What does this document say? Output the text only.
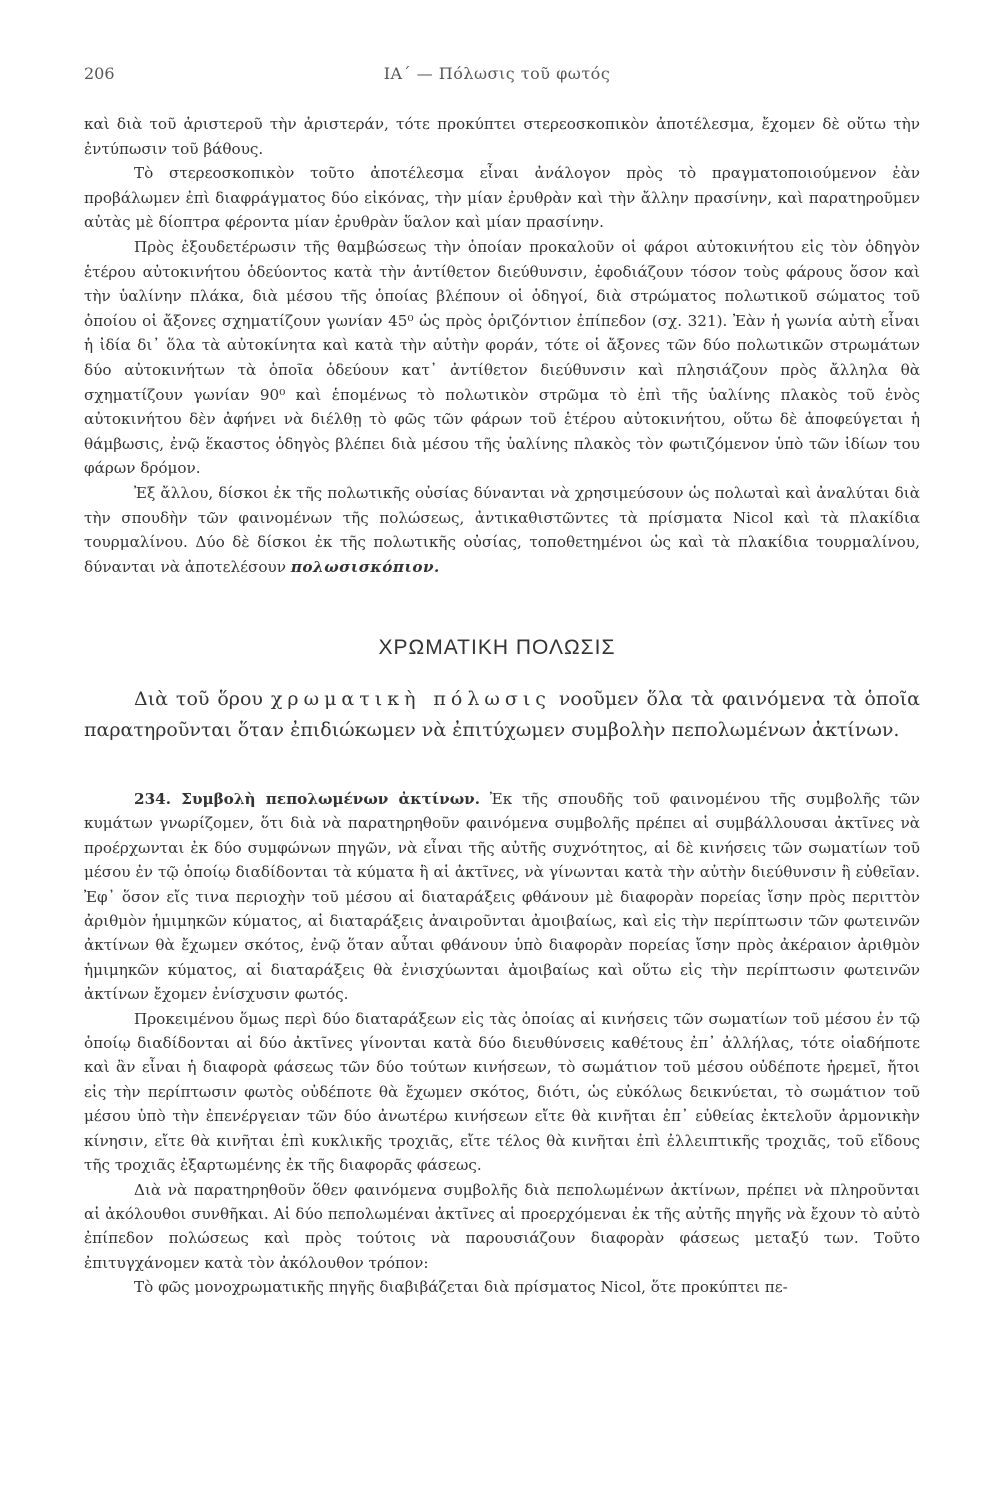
206	ΙΑ΄ — Πόλωσις τοῦ φωτός

καὶ διὰ τοῦ ἀριστεροῦ τὴν ἀριστεράν, τότε προκύπτει στερεοσκοπικὸν ἀποτέλεσμα, ἔχομεν δὲ οὕτω τὴν ἐντύπωσιν τοῦ βάθους.

Τὸ στερεοσκοπικὸν τοῦτο ἀποτέλεσμα εἶναι ἀνάλογον πρὸς τὸ πραγματοποιούμενον ἐὰν προβάλωμεν ἐπὶ διαφράγματος δύο εἰκόνας, τὴν μίαν ἐρυθρὰν καὶ τὴν ἄλλην πρασίνην, καὶ παρατηροῦμεν αὐτὰς μὲ δίοπτρα φέροντα μίαν ἐρυθρὰν ὕαλον καὶ μίαν πρασίνην.

Πρὸς ἐξουδετέρωσιν τῆς θαμβώσεως τὴν ὁποίαν προκαλοῦν οἱ φάροι αὐτοκινήτου εἰς τὸν ὁδηγὸν ἑτέρου αὐτοκινήτου ὁδεύοντος κατὰ τὴν ἀντίθετον διεύθυνσιν, ἐφοδιάζουν τόσον τοὺς φάρους ὅσον καὶ τὴν ὑαλίνην πλάκα, διὰ μέσου τῆς ὁποίας βλέπουν οἱ ὁδηγοί, διὰ στρώματος πολωτικοῦ σώματος τοῦ ὁποίου οἱ ἄξονες σχηματίζουν γωνίαν 45⁰ ὡς πρὸς ὁριζόντιον ἐπίπεδον (σχ. 321). Ἐὰν ἡ γωνία αὐτὴ εἶναι ἡ ἰδία δι᾽ ὅλα τὰ αὐτοκίνητα καὶ κατὰ τὴν αὐτὴν φοράν, τότε οἱ ἄξονες τῶν δύο πολωτικῶν στρωμάτων δύο αὐτοκινήτων τὰ ὁποῖα ὁδεύουν κατ᾽ ἀντίθετον διεύθυνσιν καὶ πλησιάζουν πρὸς ἄλληλα θὰ σχηματίζουν γωνίαν 90⁰ καὶ ἑπομένως τὸ πολωτικὸν στρῶμα τὸ ἐπὶ τῆς ὑαλίνης πλακὸς τοῦ ἑνὸς αὐτοκινήτου δὲν ἀφήνει νὰ διέλθῃ τὸ φῶς τῶν φάρων τοῦ ἑτέρου αὐτοκινήτου, οὕτω δὲ ἀποφεύγεται ἡ θάμβωσις, ἐνῷ ἕκαστος ὁδηγὸς βλέπει διὰ μέσου τῆς ὑαλίνης πλακὸς τὸν φωτιζόμενον ὑπὸ τῶν ἰδίων του φάρων δρόμον.

Ἐξ ἄλλου, δίσκοι ἐκ τῆς πολωτικῆς οὐσίας δύνανται νὰ χρησιμεύσουν ὡς πολωταὶ καὶ ἀναλύται διὰ τὴν σπουδὴν τῶν φαινομένων τῆς πολώσεως, ἀντικαθιστῶντες τὰ πρίσματα Nicol καὶ τὰ πλακίδια τουρμαλίνου. Δύο δὲ δίσκοι ἐκ τῆς πολωτικῆς οὐσίας, τοποθετημένοι ὡς καὶ τὰ πλακίδια τουρμαλίνου, δύνανται νὰ ἀποτελέσουν πολωσισκόπιον.

ΧΡΩΜΑΤΙΚΗ ΠΟΛΩΣΙΣ

Διὰ τοῦ ὅρου χρωματικὴ πόλωσις νοοῦμεν ὅλα τὰ φαινόμενα τὰ ὁποῖα παρατηροῦνται ὅταν ἐπιδιώκωμεν νὰ ἐπιτύχωμεν συμβολὴν πεπολωμένων ἀκτίνων.

234. Συμβολὴ πεπολωμένων ἀκτίνων. Ἐκ τῆς σπουδῆς τοῦ φαινομένου τῆς συμβολῆς τῶν κυμάτων γνωρίζομεν, ὅτι διὰ νὰ παρατηρηθοῦν φαινόμενα συμβολῆς πρέπει αἱ συμβάλλουσαι ἀκτῖνες νὰ προέρχωνται ἐκ δύο συμφώνων πηγῶν, νὰ εἶναι τῆς αὐτῆς συχνότητος, αἱ δὲ κινήσεις τῶν σωματίων τοῦ μέσου ἐν τῷ ὁποίῳ διαδίδονται τὰ κύματα ἢ αἱ ἀκτῖνες, νὰ γίνωνται κατὰ τὴν αὐτὴν διεύθυνσιν ἢ εὐθεῖαν. Ἐφ᾽ ὅσον εἴς τινα περιοχὴν τοῦ μέσου αἱ διαταράξεις φθάνουν μὲ διαφορὰν πορείας ἴσην πρὸς περιττὸν ἀριθμὸν ἡμιμηκῶν κύματος, αἱ διαταράξεις ἀναιροῦνται ἀμοιβαίως, καὶ εἰς τὴν περίπτωσιν τῶν φωτεινῶν ἀκτίνων θὰ ἔχωμεν σκότος, ἐνῷ ὅταν αὗται φθάνουν ὑπὸ διαφορὰν πορείας ἴσην πρὸς ἀκέραιον ἀριθμὸν ἡμιμηκῶν κύματος, αἱ διαταράξεις θὰ ἐνισχύωνται ἀμοιβαίως καὶ οὕτω εἰς τὴν περίπτωσιν φωτεινῶν ἀκτίνων ἔχομεν ἐνίσχυσιν φωτός.

Προκειμένου ὅμως περὶ δύο διαταράξεων εἰς τὰς ὁποίας αἱ κινήσεις τῶν σωματίων τοῦ μέσου ἐν τῷ ὁποίῳ διαδίδονται αἱ δύο ἀκτῖνες γίνονται κατὰ δύο διευθύνσεις καθέτους ἐπ᾽ ἀλλήλας, τότε οἱαδήποτε καὶ ἂν εἶναι ἡ διαφορὰ φάσεως τῶν δύο τούτων κινήσεων, τὸ σωμάτιον τοῦ μέσου οὐδέποτε ἠρεμεῖ, ἤτοι εἰς τὴν περίπτωσιν φωτὸς οὐδέποτε θὰ ἔχωμεν σκότος, διότι, ὡς εὐκόλως δεικνύεται, τὸ σωμάτιον τοῦ μέσου ὑπὸ τὴν ἐπενέργειαν τῶν δύο ἀνωτέρω κινήσεων εἴτε θὰ κινῆται ἐπ᾽ εὐθείας ἐκτελοῦν ἁρμονικὴν κίνησιν, εἴτε θὰ κινῆται ἐπὶ κυκλικῆς τροχιᾶς, εἴτε τέλος θὰ κινῆται ἐπὶ ἐλλειπτικῆς τροχιᾶς, τοῦ εἴδους τῆς τροχιᾶς ἐξαρτωμένης ἐκ τῆς διαφορᾶς φάσεως.

Διὰ νὰ παρατηρηθοῦν ὅθεν φαινόμενα συμβολῆς διὰ πεπολωμένων ἀκτίνων, πρέπει νὰ πληροῦνται αἱ ἀκόλουθοι συνθῆκαι. Αἱ δύο πεπολωμέναι ἀκτῖνες αἱ προερχόμεναι ἐκ τῆς αὐτῆς πηγῆς νὰ ἔχουν τὸ αὐτὸ ἐπίπεδον πολώσεως καὶ πρὸς τούτοις νὰ παρουσιάζουν διαφορὰν φάσεως μεταξύ των. Τοῦτο ἐπιτυγχάνομεν κατὰ τὸν ἀκόλουθον τρόπον:

Τὸ φῶς μονοχρωματικῆς πηγῆς διαβιβάζεται διὰ πρίσματος Nicol, ὅτε προκύπτει πε-
